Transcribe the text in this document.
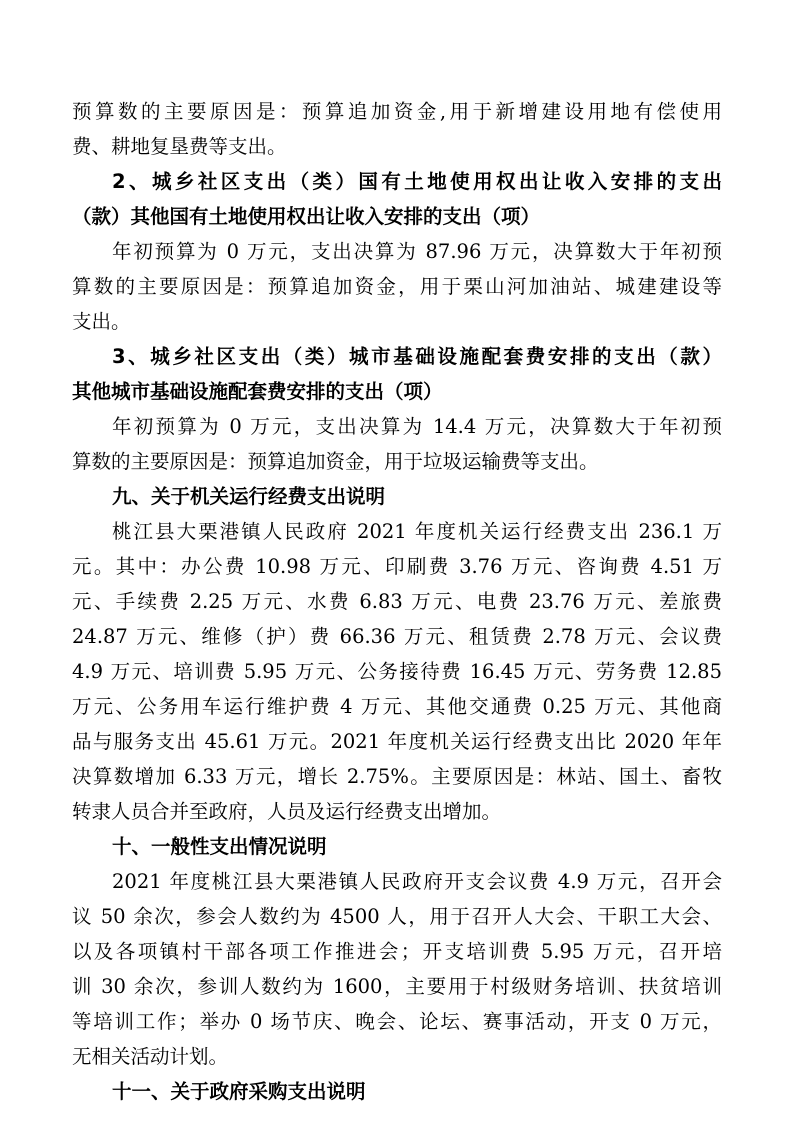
预算数的主要原因是：预算追加资金,用于新增建设用地有偿使用
费、耕地复垦费等支出。
2、城乡社区支出（类）国有土地使用权出让收入安排的支出
（款）其他国有土地使用权出让收入安排的支出（项）
年初预算为 0 万元，支出决算为 87.96 万元，决算数大于年初预
算数的主要原因是：预算追加资金，用于栗山河加油站、城建建设等
支出。
3、城乡社区支出（类）城市基础设施配套费安排的支出（款）
其他城市基础设施配套费安排的支出（项）
年初预算为 0 万元，支出决算为 14.4 万元，决算数大于年初预
算数的主要原因是：预算追加资金，用于垃圾运输费等支出。
九、关于机关运行经费支出说明
桃江县大栗港镇人民政府 2021 年度机关运行经费支出 236.1 万
元。其中：办公费 10.98 万元、印刷费 3.76 万元、咨询费 4.51 万
元、手续费 2.25 万元、水费 6.83 万元、电费 23.76 万元、差旅费
24.87 万元、维修（护）费 66.36 万元、租赁费 2.78 万元、会议费
4.9 万元、培训费 5.95 万元、公务接待费 16.45 万元、劳务费 12.85
万元、公务用车运行维护费 4 万元、其他交通费 0.25 万元、其他商
品与服务支出 45.61 万元。2021 年度机关运行经费支出比 2020 年年
决算数增加 6.33 万元，增长 2.75%。主要原因是：林站、国土、畜牧
转隶人员合并至政府，人员及运行经费支出增加。
十、一般性支出情况说明
2021 年度桃江县大栗港镇人民政府开支会议费 4.9 万元，召开会
议 50 余次，参会人数约为 4500 人，用于召开人大会、干职工大会、
以及各项镇村干部各项工作推进会；开支培训费 5.95 万元，召开培
训 30 余次，参训人数约为 1600，主要用于村级财务培训、扶贫培训
等培训工作；举办 0 场节庆、晚会、论坛、赛事活动，开支 0 万元，
无相关活动计划。
十一、关于政府采购支出说明
